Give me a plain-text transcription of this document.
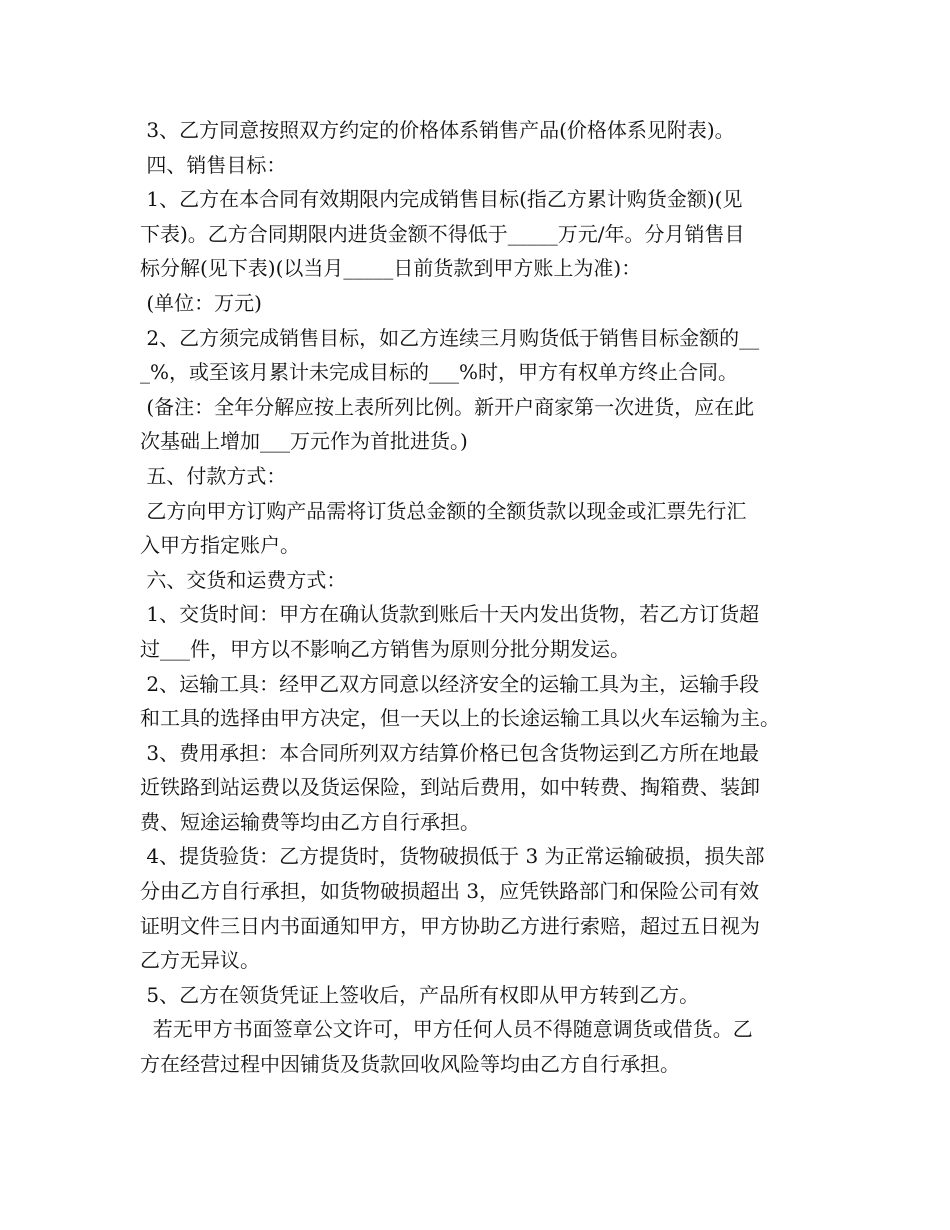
3、乙方同意按照双方约定的价格体系销售产品(价格体系见附表)。
四、销售目标：
1、乙方在本合同有效期限内完成销售目标(指乙方累计购货金额)(见
下表)。乙方合同期限内进货金额不得低于_____万元/年。分月销售目
标分解(见下表)(以当月_____日前货款到甲方账上为准)：
(单位：万元)
2、乙方须完成销售目标，如乙方连续三月购货低于销售目标金额的__
_%，或至该月累计未完成目标的___%时，甲方有权单方终止合同。
(备注：全年分解应按上表所列比例。新开户商家第一次进货，应在此
次基础上增加___万元作为首批进货。)
五、付款方式：
乙方向甲方订购产品需将订货总金额的全额货款以现金或汇票先行汇
入甲方指定账户。
六、交货和运费方式：
1、交货时间：甲方在确认货款到账后十天内发出货物，若乙方订货超
过___件，甲方以不影响乙方销售为原则分批分期发运。
2、运输工具：经甲乙双方同意以经济安全的运输工具为主，运输手段
和工具的选择由甲方决定，但一天以上的长途运输工具以火车运输为主。
3、费用承担：本合同所列双方结算价格已包含货物运到乙方所在地最
近铁路到站运费以及货运保险，到站后费用，如中转费、掏箱费、装卸
费、短途运输费等均由乙方自行承担。
4、提货验货：乙方提货时，货物破损低于 3 为正常运输破损，损失部
分由乙方自行承担，如货物破损超出 3，应凭铁路部门和保险公司有效
证明文件三日内书面通知甲方，甲方协助乙方进行索赔，超过五日视为
乙方无异议。
5、乙方在领货凭证上签收后，产品所有权即从甲方转到乙方。
若无甲方书面签章公文许可，甲方任何人员不得随意调货或借货。乙
方在经营过程中因铺货及货款回收风险等均由乙方自行承担。
